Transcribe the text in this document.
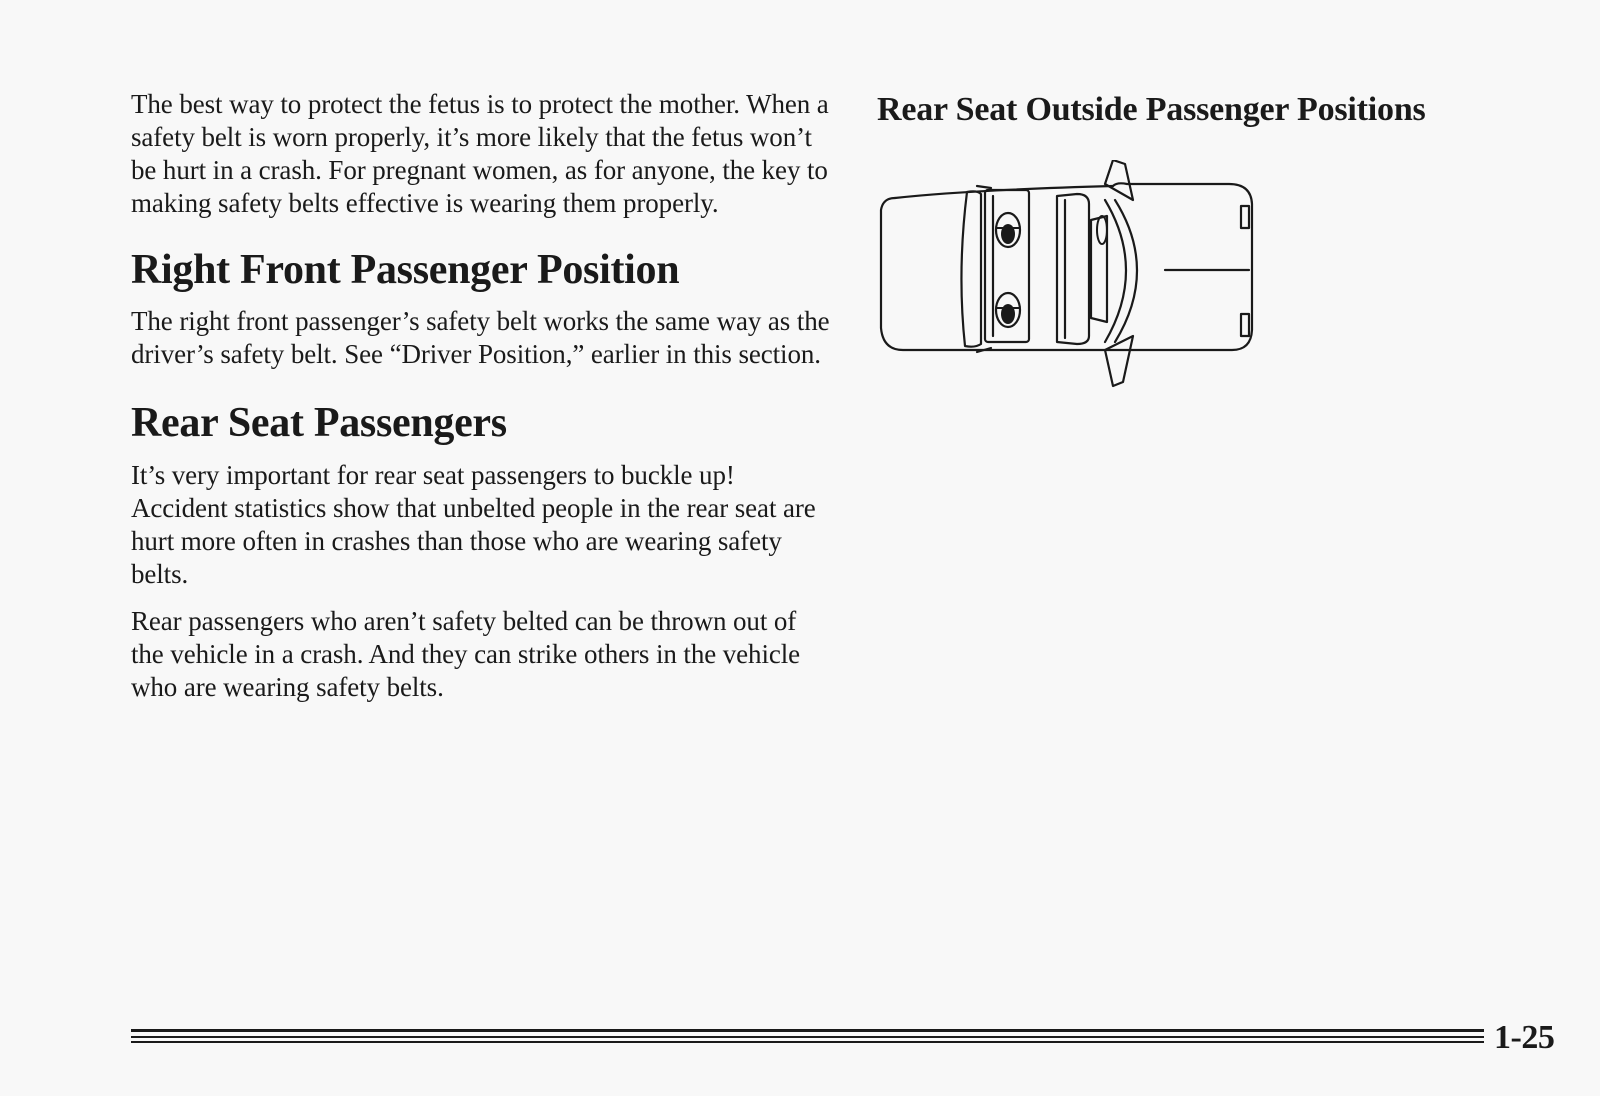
The best way to protect the fetus is to protect the mother. When a safety belt is worn properly, it’s more likely that the fetus won’t be hurt in a crash. For pregnant women, as for anyone, the key to making safety belts effective is wearing them properly.

Right Front Passenger Position

The right front passenger’s safety belt works the same way as the driver’s safety belt. See “Driver Position,” earlier in this section.

Rear Seat Passengers

It’s very important for rear seat passengers to buckle up! Accident statistics show that unbelted people in the rear seat are hurt more often in crashes than those who are wearing safety belts.

Rear passengers who aren’t safety belted can be thrown out of the vehicle in a crash. And they can strike others in the vehicle who are wearing safety belts.

Rear Seat Outside Passenger Positions
1-25
